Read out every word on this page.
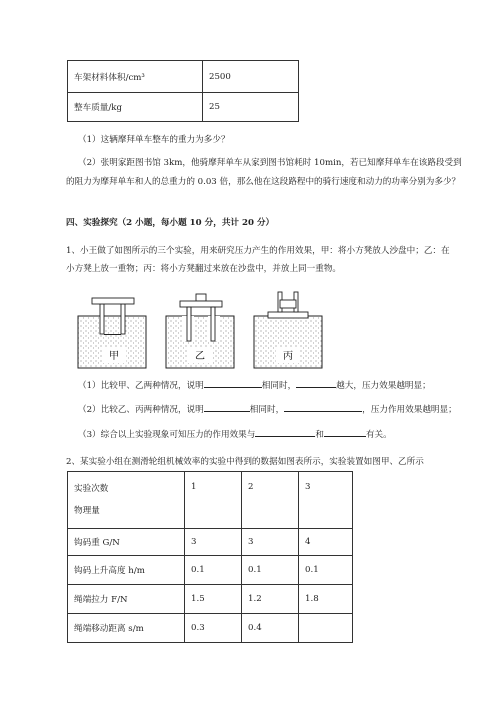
车架材料体积/cm³	2500
整车质量/kg	25
（1）这辆摩拜单车整车的重力为多少？
（2）张明家距图书馆 3km，他骑摩拜单车从家到图书馆耗时 10min，若已知摩拜单车在该路段受到
的阻力为摩拜单车和人的总重力的 0.03 倍，那么他在这段路程中的骑行速度和动力的功率分别为多少？
四、实验探究（2 小题，每小题 10 分，共计 20 分）
1、小王做了如图所示的三个实验，用来研究压力产生的作用效果，甲：将小方凳放人沙盘中；乙：在
小方凳上放一重物；丙：将小方凳翻过来放在沙盘中，并放上同一重物。
甲	乙	丙
（1）比较甲、乙两种情况，说明	相同时，	越大，压力效果越明显；
（2）比较乙、丙两种情况，说明	相同时，	，压力作用效果越明显；
（3）综合以上实验现象可知压力的作用效果与	和	有关。
2、某实验小组在测滑轮组机械效率的实验中得到的数据如图表所示，实验装置如图甲、乙所示
实验次数
物理量	1	2	3
钩码重 G/N	3	3	4
钩码上升高度 h/m	0.1	0.1	0.1
绳端拉力 F/N	1.5	1.2	1.8
绳端移动距离 s/m	0.3	0.4	
